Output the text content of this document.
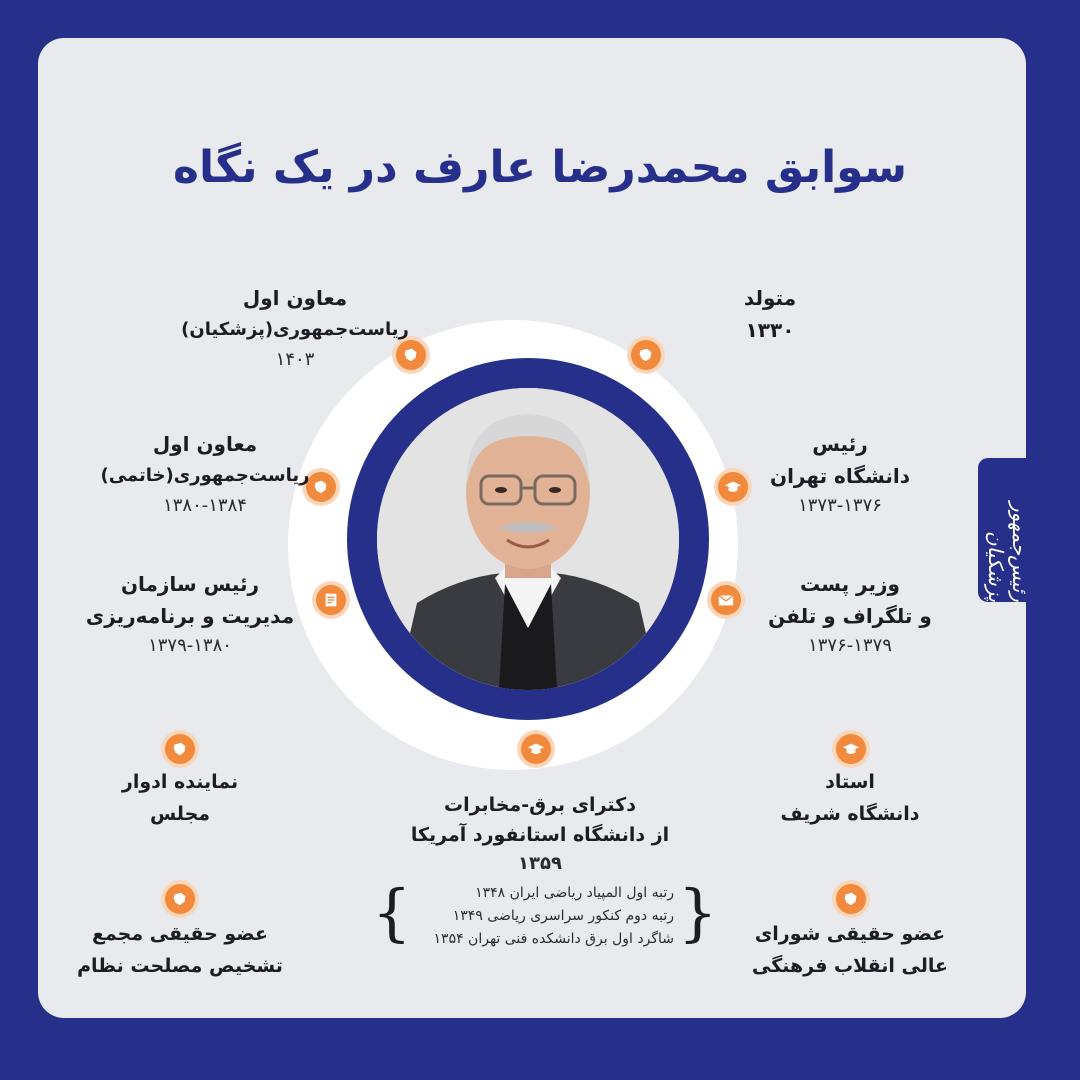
سوابق محمدرضا عارف در یک نگاه
متولد
۱۳۳۰
معاون اول
ریاست‌جمهوری(پزشکیان)
۱۴۰۳
رئیس
دانشگاه تهران
۱۳۷۳-۱۳۷۶
معاون اول
ریاست‌جمهوری(خاتمی)
۱۳۸۰-۱۳۸۴
وزیر پست
و تلگراف و تلفن
۱۳۷۶-۱۳۷۹
رئیس سازمان
مدیریت و برنامه‌ریزی
۱۳۷۹-۱۳۸۰
نماینده ادوار
مجلس
استاد
دانشگاه شریف
دکترای برق-مخابرات
از دانشگاه استانفورد آمریکا
۱۳۵۹
{	رتبه اول المپیاد ریاضی ایران ۱۳۴۸
رتبه دوم کنکور سراسری ریاضی ۱۳۴۹
شاگرد اول برق دانشکده فنی تهران ۱۳۵۴ }
عضو حقیقی مجمع
تشخیص مصلحت نظام
عضو حقیقی شورای
عالی انقلاب فرهنگی
رئیس‌جمهور پزشکیان
